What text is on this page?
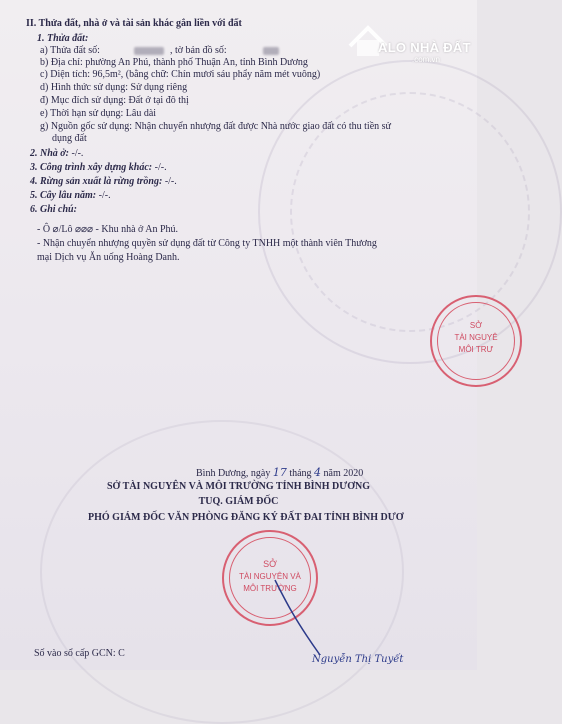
ALO NHÀ ĐẤT
.com.vn
II. Thửa đất, nhà ở và tài sản khác gắn liền với đất
1. Thửa đất:
a) Thửa đất số:	, tờ bản đồ số:
b) Địa chỉ: phường An Phú, thành phố Thuận An, tỉnh Bình Dương
c) Diện tích: 96,5m², (bằng chữ: Chín mươi sáu phẩy năm mét vuông)
d) Hình thức sử dụng: Sử dụng riêng
đ) Mục đích sử dụng: Đất ở tại đô thị
e) Thời hạn sử dụng: Lâu dài
g) Nguồn gốc sử dụng: Nhận chuyển nhượng đất được Nhà nước giao đất có thu tiền sử
dụng đất
2. Nhà ở: -/-.
3. Công trình xây dựng khác: -/-.
4. Rừng sản xuất là rừng trồng: -/-.
5. Cây lâu năm: -/-.
6. Ghi chú:
- Ô ⌀/Lô ⌀⌀⌀ - Khu nhà ở An Phú.
- Nhận chuyển nhượng quyền sử dụng đất từ Công ty TNHH một thành viên Thương
mại Dịch vụ Ăn uống Hoàng Danh.
SỞ
TÀI NGUYÊ
MÔI TRƯ
Bình Dương, ngày 17 tháng 4 năm 2020
SỞ TÀI NGUYÊN VÀ MÔI TRƯỜNG TỈNH BÌNH DƯƠNG
TUQ. GIÁM ĐỐC
PHÓ GIÁM ĐỐC VĂN PHÒNG ĐĂNG KÝ ĐẤT ĐAI TỈNH BÌNH DƯƠ
SỞ
TÀI NGUYÊN VÀ
MÔI TRƯỜNG
Nguyễn Thị Tuyết
Số vào sổ cấp GCN: C
